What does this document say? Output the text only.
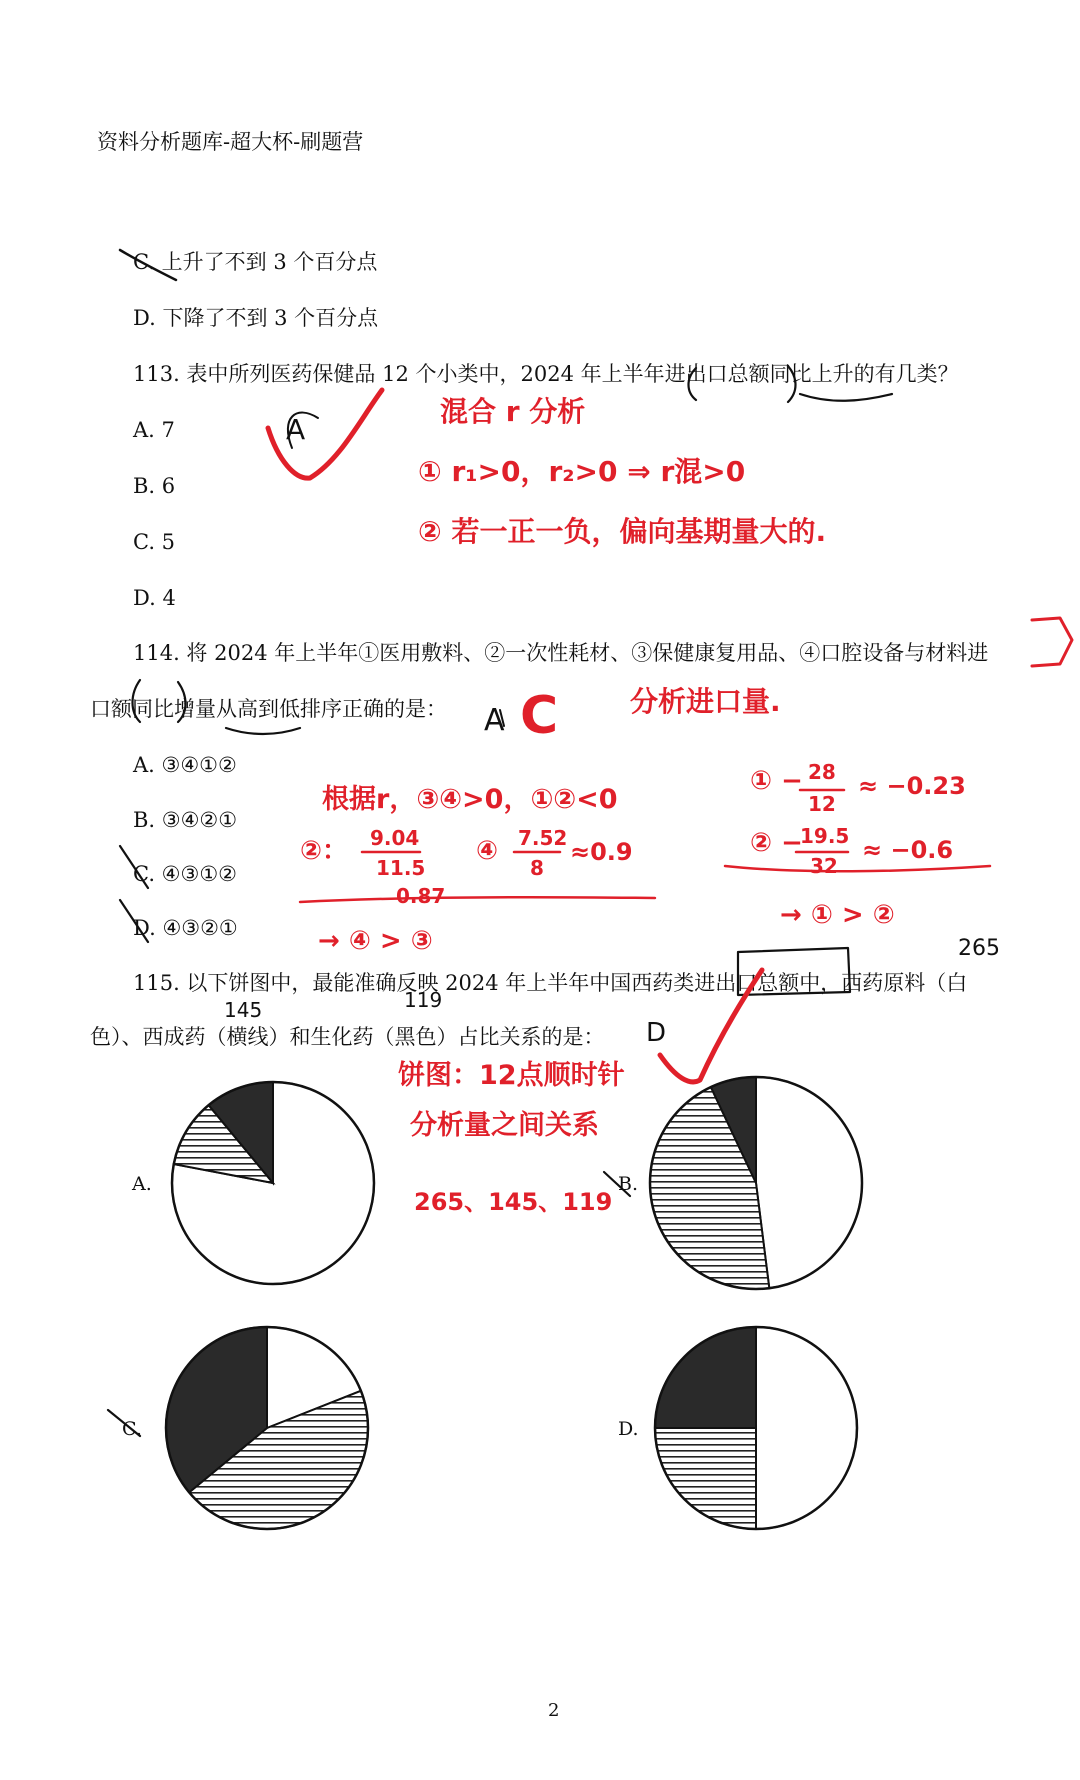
资料分析题库-超大杯-刷题营
C. 上升了不到 3 个百分点
D. 下降了不到 3 个百分点
113. 表中所列医药保健品 12 个小类中，2024 年上半年进出口总额同比上升的有几类？
A. 7
B. 6
C. 5
D. 4
114. 将 2024 年上半年①医用敷料、②一次性耗材、③保健康复用品、④口腔设备与材料进
口额同比增量从高到低排序正确的是：
A. ③④①②
B. ③④②①
C. ④③①②
D. ④③②①
115. 以下饼图中，最能准确反映 2024 年上半年中国西药类进出口总额中，西药原料（白
色）、西成药（横线）和生化药（黑色）占比关系的是：
A.	B.
C.	D.
A
混合 r 分析
① r₁>0，r₂>0 ⇒ r混>0
② 若一正一负，偏向基期量大的.
A C	分析进口量.
根据r，③④>0，①②<0
②： 9.04
11.5
④ 7.52
8
≈0.9
0.87
→ ④ > ③
① − 28
12
≈ −0.23
② −
19.5
32
≈ −0.6
→ ① > ②
265
145	119
D
饼图：12点顺时针
分析量之间关系
265、145、119
2
